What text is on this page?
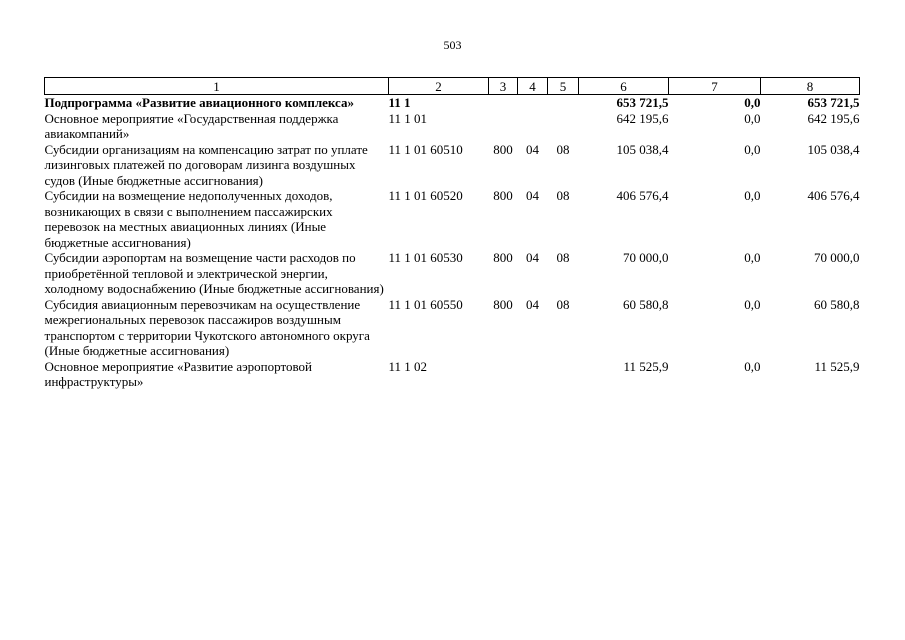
503
1	2	3	4	5	6	7	8
Подпрограмма «Развитие авиационного комплекса»	11 1				653 721,5	0,0	653 721,5
Основное мероприятие «Государственная поддержка авиакомпаний»	11 1 01				642 195,6	0,0	642 195,6
Субсидии организациям на компенсацию затрат по уплате лизинговых платежей по договорам лизинга воздушных судов (Иные бюджетные ассигнования)	11 1 01 60510	800	04	08	105 038,4	0,0	105 038,4
Субсидии на возмещение недополученных доходов, возникающих в связи с выполнением пассажирских перевозок на местных авиационных линиях (Иные бюджетные ассигнования)	11 1 01 60520	800	04	08	406 576,4	0,0	406 576,4
Субсидии аэропортам на возмещение части расходов по приобретённой тепловой и электрической энергии, холодному водоснабжению (Иные бюджетные ассигнования)	11 1 01 60530	800	04	08	70 000,0	0,0	70 000,0
Субсидия авиационным перевозчикам на осуществление межрегиональных перевозок пассажиров воздушным транспортом с территории Чукотского автономного округа (Иные бюджетные ассигнования)	11 1 01 60550	800	04	08	60 580,8	0,0	60 580,8
Основное мероприятие «Развитие аэропортовой инфраструктуры»	11 1 02				11 525,9	0,0	11 525,9
